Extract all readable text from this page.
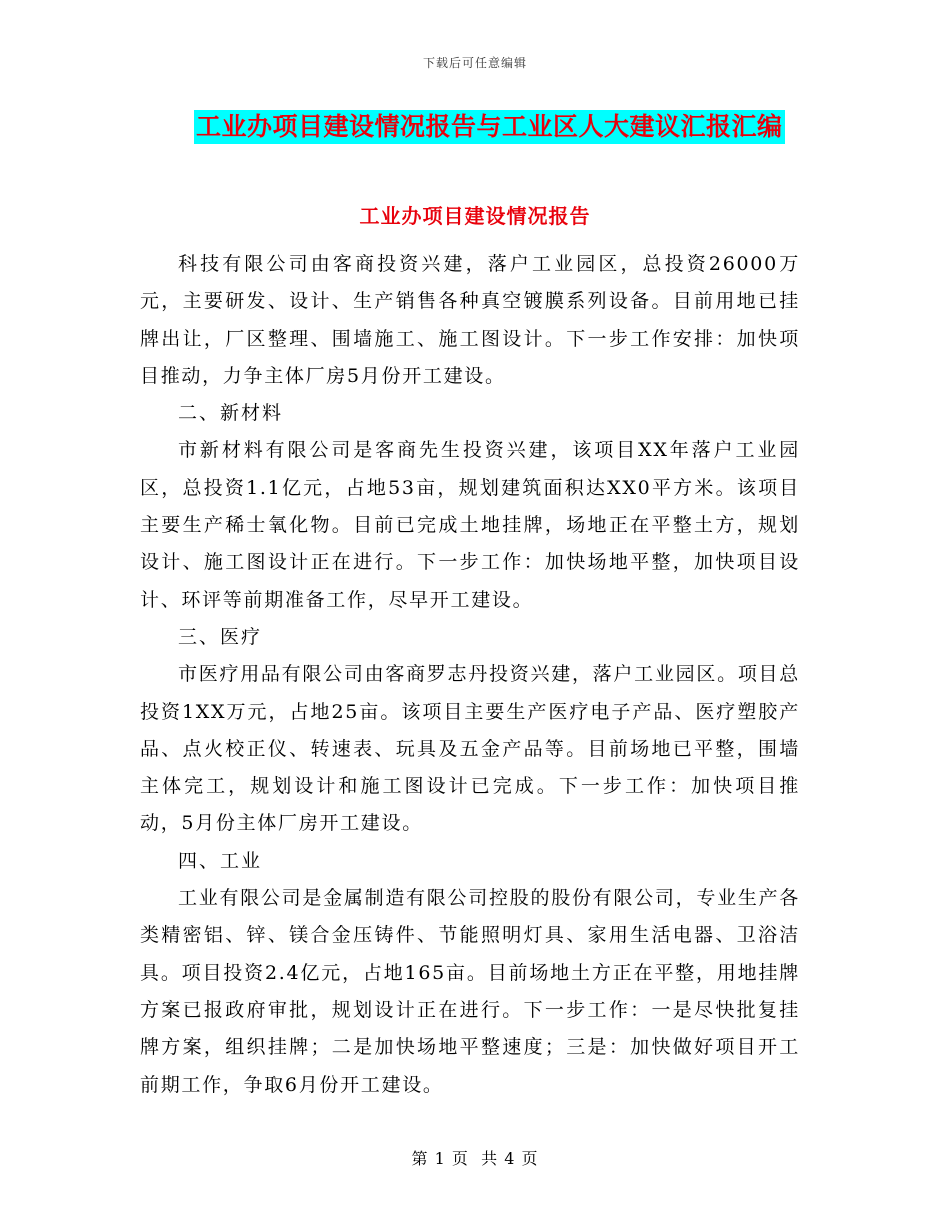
下载后可任意编辑
工业办项目建设情况报告与工业区人大建议汇报汇编
工业办项目建设情况报告

科技有限公司由客商投资兴建，落户工业园区，总投资26000万元，主要研发、设计、生产销售各种真空镀膜系列设备。目前用地已挂牌出让，厂区整理、围墙施工、施工图设计。下一步工作安排：加快项目推动，力争主体厂房5月份开工建设。

二、新材料

市新材料有限公司是客商先生投资兴建，该项目XX年落户工业园区，总投资1.1亿元，占地53亩，规划建筑面积达XX0平方米。该项目主要生产稀士氧化物。目前已完成土地挂牌，场地正在平整土方，规划设计、施工图设计正在进行。下一步工作：加快场地平整，加快项目设计、环评等前期准备工作，尽早开工建设。

三、医疗

市医疗用品有限公司由客商罗志丹投资兴建，落户工业园区。项目总投资1XX万元，占地25亩。该项目主要生产医疗电子产品、医疗塑胶产品、点火校正仪、转速表、玩具及五金产品等。目前场地已平整，围墙主体完工，规划设计和施工图设计已完成。下一步工作：加快项目推动，5月份主体厂房开工建设。

四、工业

工业有限公司是金属制造有限公司控股的股份有限公司，专业生产各类精密铝、锌、镁合金压铸件、节能照明灯具、家用生活电器、卫浴洁具。项目投资2.4亿元，占地165亩。目前场地土方正在平整，用地挂牌方案已报政府审批，规划设计正在进行。下一步工作：一是尽快批复挂牌方案，组织挂牌；二是加快场地平整速度；三是：加快做好项目开工前期工作，争取6月份开工建设。

第 1 页  共 4 页
